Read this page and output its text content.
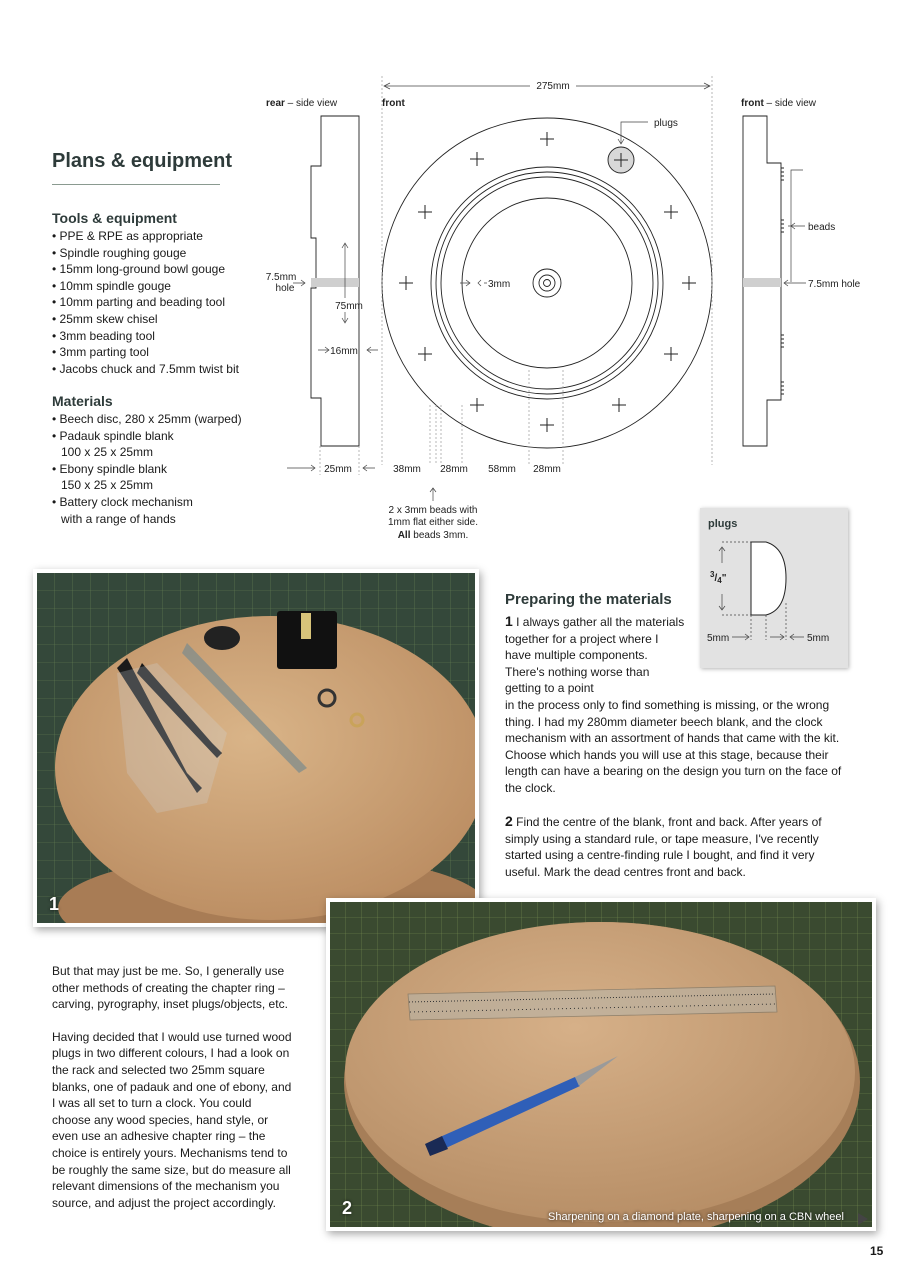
Plans & equipment
Tools & equipment
• PPE & RPE as appropriate
• Spindle roughing gouge
• 15mm long-ground bowl gouge
• 10mm spindle gouge
• 10mm parting and beading tool
• 25mm skew chisel
• 3mm beading tool
• 3mm parting tool
• Jacobs chuck and 7.5mm twist bit
Materials
• Beech disc, 280 x 25mm (warped)
• Padauk spindle blank
100 x 25 x 25mm
• Ebony spindle blank
150 x 25 x 25mm
• Battery clock mechanism
with a range of hands
rear – side view	front	front – side view
275mm
plugs
7.5mm
hole
75mm
16mm
25mm
3mm
38mm 28mm 58mm 28mm
beads
7.5mm hole
2 x 3mm beads with
1mm flat either side.
All beads 3mm.
plugs
$^3/_4$"
5mm	5mm
1
Preparing the materials

1 I always gather all the materials together for a project where I have multiple components. There's nothing worse than getting to a point

in the process only to find something is missing, or the wrong thing. I had my 280mm diameter beech blank, and the clock mechanism with an assortment of hands that came with the kit. Choose which hands you will use at this stage, because their length can have a bearing on the design you turn on the face of the clock.

2 Find the centre of the blank, front and back. After years of simply using a standard rule, or tape measure, I've recently started using a centre-finding rule I bought, and find it very useful. Mark the dead centres front and back.

2	Sharpening on a diamond plate, sharpening on a CBN wheel

But that may just be me. So, I generally use other methods of creating the chapter ring – carving, pyrography, inset plugs/objects, etc.

Having decided that I would use turned wood plugs in two different colours, I had a look on the rack and selected two 25mm square blanks, one of padauk and one of ebony, and I was all set to turn a clock. You could choose any wood species, hand style, or even use an adhesive chapter ring – the choice is entirely yours. Mechanisms tend to be roughly the same size, but do measure all relevant dimensions of the mechanism you source, and adjust the project accordingly.

15
